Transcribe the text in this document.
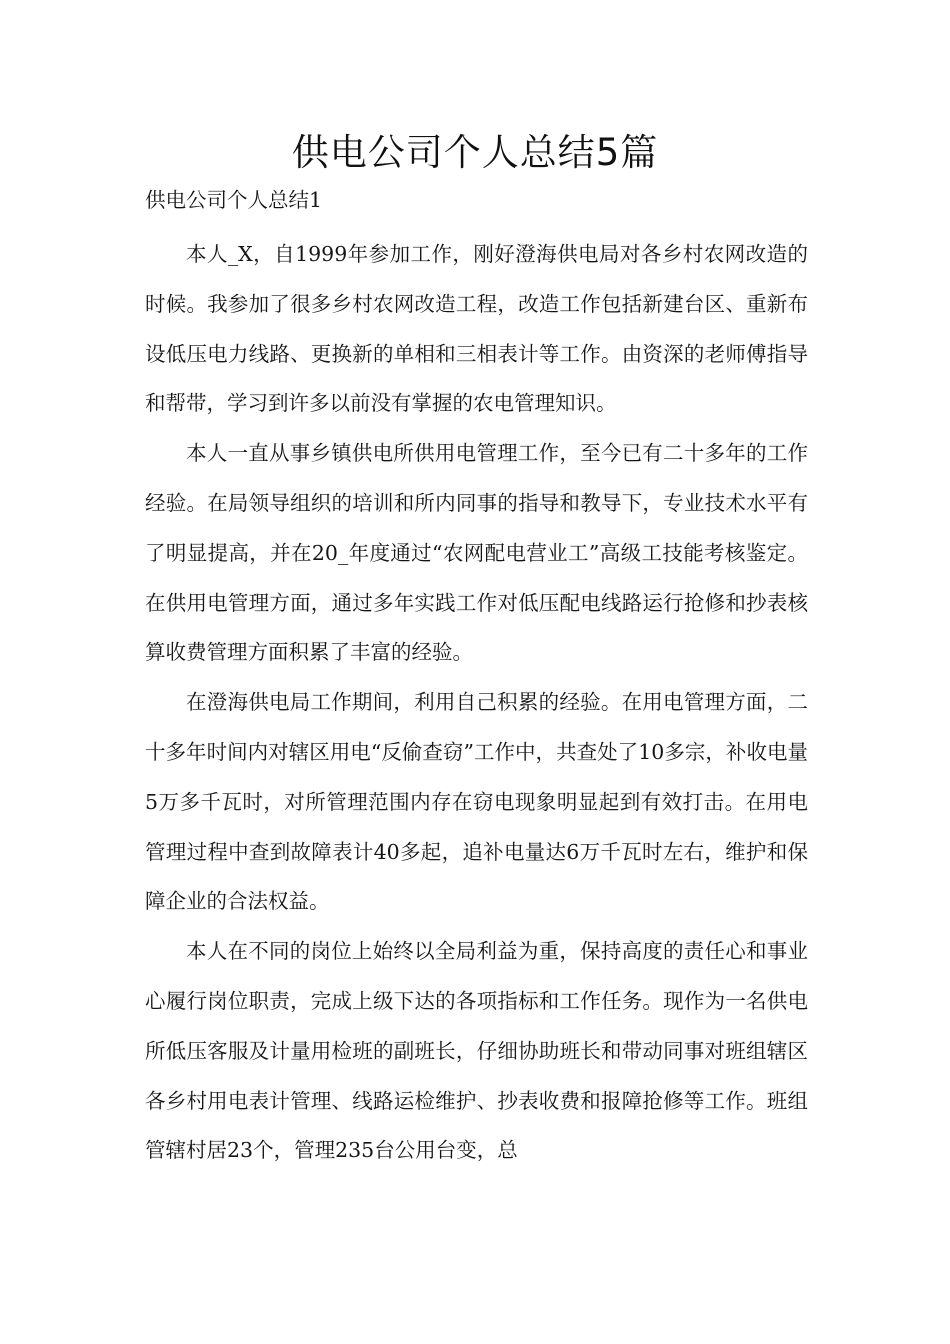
供电公司个人总结5篇
供电公司个人总结1

本人_X，自1999年参加工作，刚好澄海供电局对各乡村农网改造的时候。我参加了很多乡村农网改造工程，改造工作包括新建台区、重新布设低压电力线路、更换新的单相和三相表计等工作。由资深的老师傅指导和帮带，学习到许多以前没有掌握的农电管理知识。

本人一直从事乡镇供电所供用电管理工作，至今已有二十多年的工作经验。在局领导组织的培训和所内同事的指导和教导下，专业技术水平有了明显提高，并在20_年度通过“农网配电营业工”高级工技能考核鉴定。在供用电管理方面，通过多年实践工作对低压配电线路运行抢修和抄表核算收费管理方面积累了丰富的经验。

在澄海供电局工作期间，利用自己积累的经验。在用电管理方面，二十多年时间内对辖区用电“反偷查窃”工作中，共查处了10多宗，补收电量5万多千瓦时，对所管理范围内存在窃电现象明显起到有效打击。在用电管理过程中查到故障表计40多起，追补电量达6万千瓦时左右，维护和保障企业的合法权益。

本人在不同的岗位上始终以全局利益为重，保持高度的责任心和事业心履行岗位职责，完成上级下达的各项指标和工作任务。现作为一名供电所低压客服及计量用检班的副班长，仔细协助班长和带动同事对班组辖区各乡村用电表计管理、线路运检维护、抄表收费和报障抢修等工作。班组管辖村居23个，管理235台公用台变，总
